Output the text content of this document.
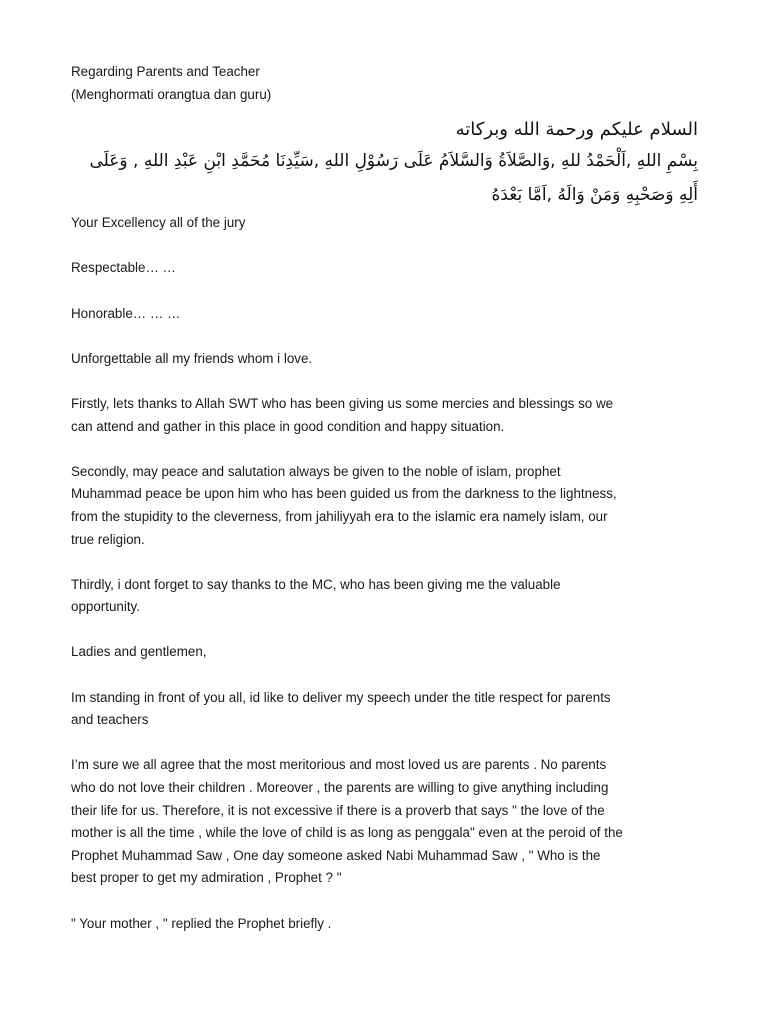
Regarding Parents and Teacher

(Menghormati orangtua dan guru)

السلام عليكم ورحمة الله وبركاته

بِسْمِ اللهِ ,اَلْحَمْدُ للهِ ,وَالصَّلاَةُ وَالسَّلاَمُ عَلَى رَسُوْلِ اللهِ ,سَيِّدِنَا مُحَمَّدِ ابْنِ عَبْدِ اللهِ , وَعَلَى أَلِهِ وَصَحْبِهِ وَمَنْ وَالَهُ ,اَمَّا بَعْدَهُ

Your Excellency all of the jury

Respectable… …

Honorable… … …

Unforgettable all my friends whom i love.

Firstly, lets thanks to Allah SWT who has been giving us some mercies and blessings so we

can attend and gather in this place in good condition and happy situation.

Secondly, may peace and salutation always be given to the noble of islam, prophet

Muhammad peace be upon him who has been guided us from the darkness to the lightness,

from the stupidity to the cleverness, from jahiliyyah era to the islamic era namely islam, our

true religion.

Thirdly, i dont forget to say thanks to the MC, who has been giving me the valuable

opportunity.

Ladies and gentlemen,

Im standing in front of you all, id like to deliver my speech under the title respect for parents

and teachers

I’m sure we all agree that the most meritorious and most loved us are parents . No parents

who do not love their children . Moreover , the parents are willing to give anything including

their life for us. Therefore, it is not excessive if there is a proverb that says " the love of the

mother is all the time , while the love of child is as long as penggala" even at the peroid of the

Prophet Muhammad Saw , One day someone asked Nabi Muhammad Saw , " Who is the

best proper to get my admiration , Prophet ? "

" Your mother , " replied the Prophet briefly .
